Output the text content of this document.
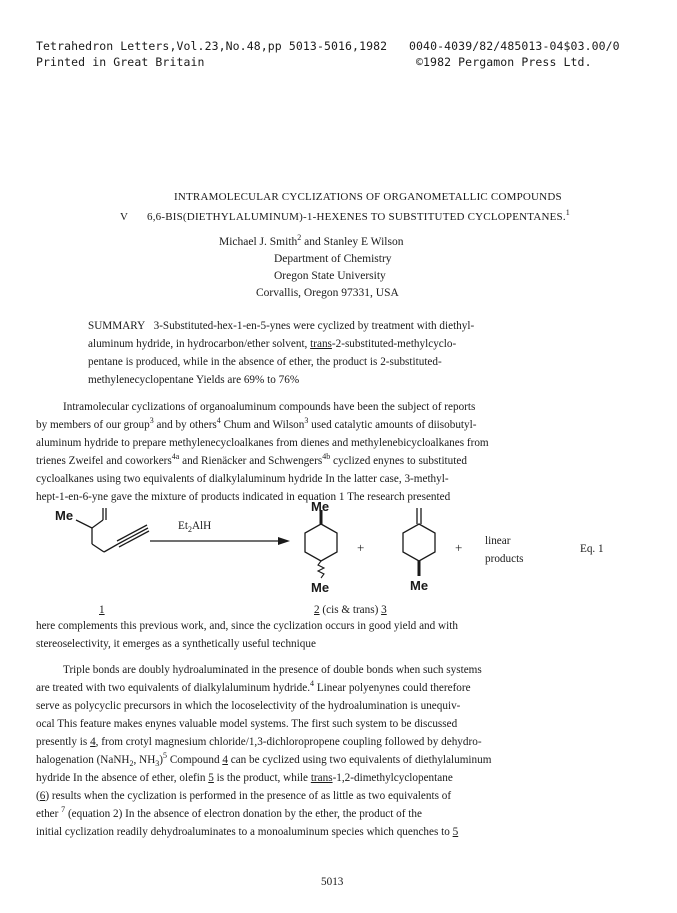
Tetrahedron Letters,Vol.23,No.48,pp 5013-5016,1982 0040-4039/82/485013-04$03.00/0
Printed in Great Britain	©1982 Pergamon Press Ltd.
INTRAMOLECULAR CYCLIZATIONS OF ORGANOMETALLIC COMPOUNDS
V 6,6-BIS(DIETHYLALUMINUM)-1-HEXENES TO SUBSTITUTED CYCLOPENTANES.$^1$
Michael J. Smith$^2$ and Stanley E Wilson
Department of Chemistry
Oregon State University
Corvallis, Oregon 97331, USA
SUMMARY 3-Substituted-hex-1-en-5-ynes were cyclized by treatment with diethyl-
aluminum hydride, in hydrocarbon/ether solvent, trans-2-substituted-methylcyclo-
pentane is produced, while in the absence of ether, the product is 2-substituted-
methylenecyclopentane Yields are 69% to 76%
Intramolecular cyclizations of organoaluminum compounds have been the subject of reports
by members of our group$^3$ and by others$^4$ Chum and Wilson$^3$ used catalytic amounts of diisobutyl-
aluminum hydride to prepare methylenecycloalkanes from dienes and methylenebicycloalkanes from
trienes Zweifel and coworkers$^{4a}$ and Rienäcker and Schwengers$^{4b}$ cyclized enynes to substituted
cycloalkanes using two equivalents of dialkylaluminum hydride In the latter case, 3-methyl-
hept-1-en-6-yne gave the mixture of products indicated in equation 1 The research presented
Me
$Et_2AlH$
Me
Me	Me
+	+ linear
products
Eq. 1
1	2 (cis & trans) 3
here complements this previous work, and, since the cyclization occurs in good yield and with
stereoselectivity, it emerges as a synthetically useful technique
Triple bonds are doubly hydroaluminated in the presence of double bonds when such systems
are treated with two equivalents of dialkylaluminum hydride.$^4$ Linear polyenynes could therefore
serve as polycyclic precursors in which the locoselectivity of the hydroalumination is unequiv-
ocal This feature makes enynes valuable model systems. The first such system to be discussed
presently is 4, from crotyl magnesium chloride/1,3-dichloropropene coupling followed by dehydro-
halogenation (NaNH$_2$, $NH_3)^5$ Compound 4 can be cyclized using two equivalents of diethylaluminum
hydride In the absence of ether, olefin 5 is the product, while trans-1,2-dimethylcyclopentane
(6) results when the cyclization is performed in the presence of as little as two equivalents of
ether $^7$ (equation 2) In the absence of electron donation by the ether, the product of the
initial cyclization readily dehydroaluminates to a monoaluminum species which quenches to 5
5013
